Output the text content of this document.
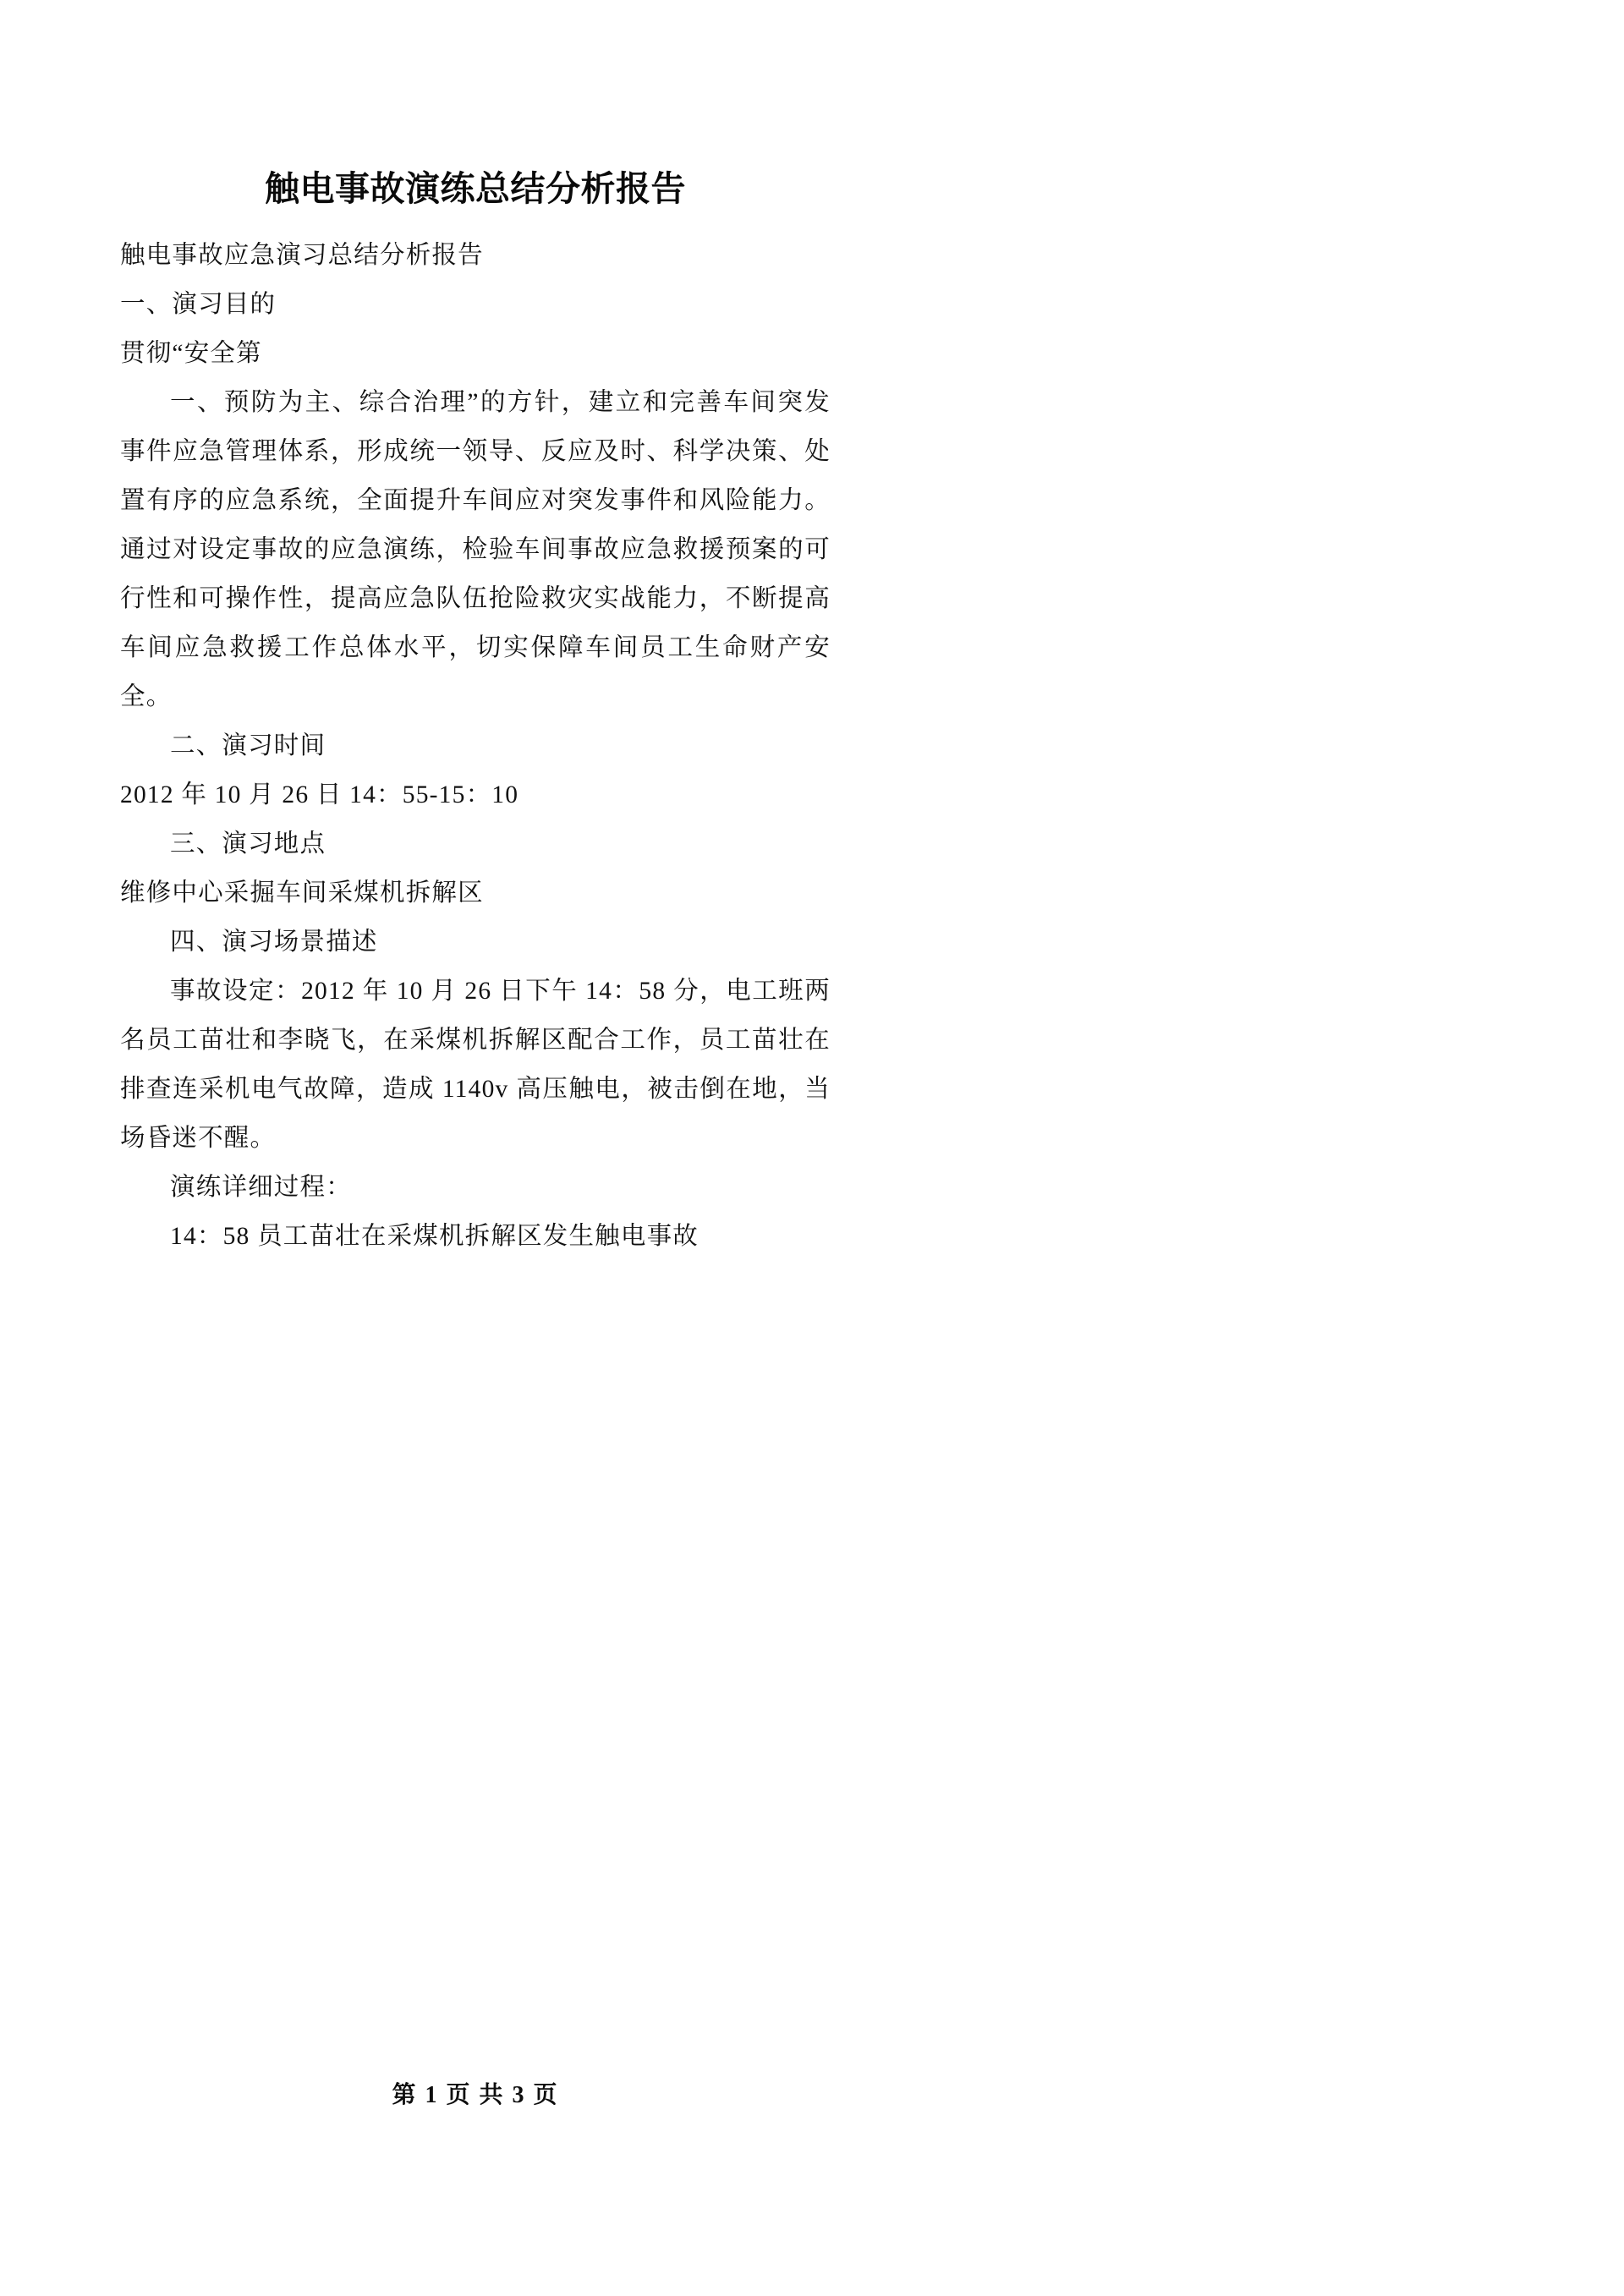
触电事故演练总结分析报告

触电事故应急演习总结分析报告

一、演习目的

贯彻“安全第

一、预防为主、综合治理”的方针，建立和完善车间突发事件应急管理体系，形成统一领导、反应及时、科学决策、处置有序的应急系统，全面提升车间应对突发事件和风险能力。通过对设定事故的应急演练，检验车间事故应急救援预案的可行性和可操作性，提高应急队伍抢险救灾实战能力，不断提高车间应急救援工作总体水平，切实保障车间员工生命财产安全。

二、演习时间

2012 年 10 月 26 日 14：55-15：10

三、演习地点

维修中心采掘车间采煤机拆解区

四、演习场景描述

事故设定：2012 年 10 月 26 日下午 14：58 分，电工班两名员工苗壮和李晓飞，在采煤机拆解区配合工作，员工苗壮在排查连采机电气故障，造成 1140v 高压触电，被击倒在地，当场昏迷不醒。

演练详细过程：

14：58 员工苗壮在采煤机拆解区发生触电事故

第 1 页 共 3 页
